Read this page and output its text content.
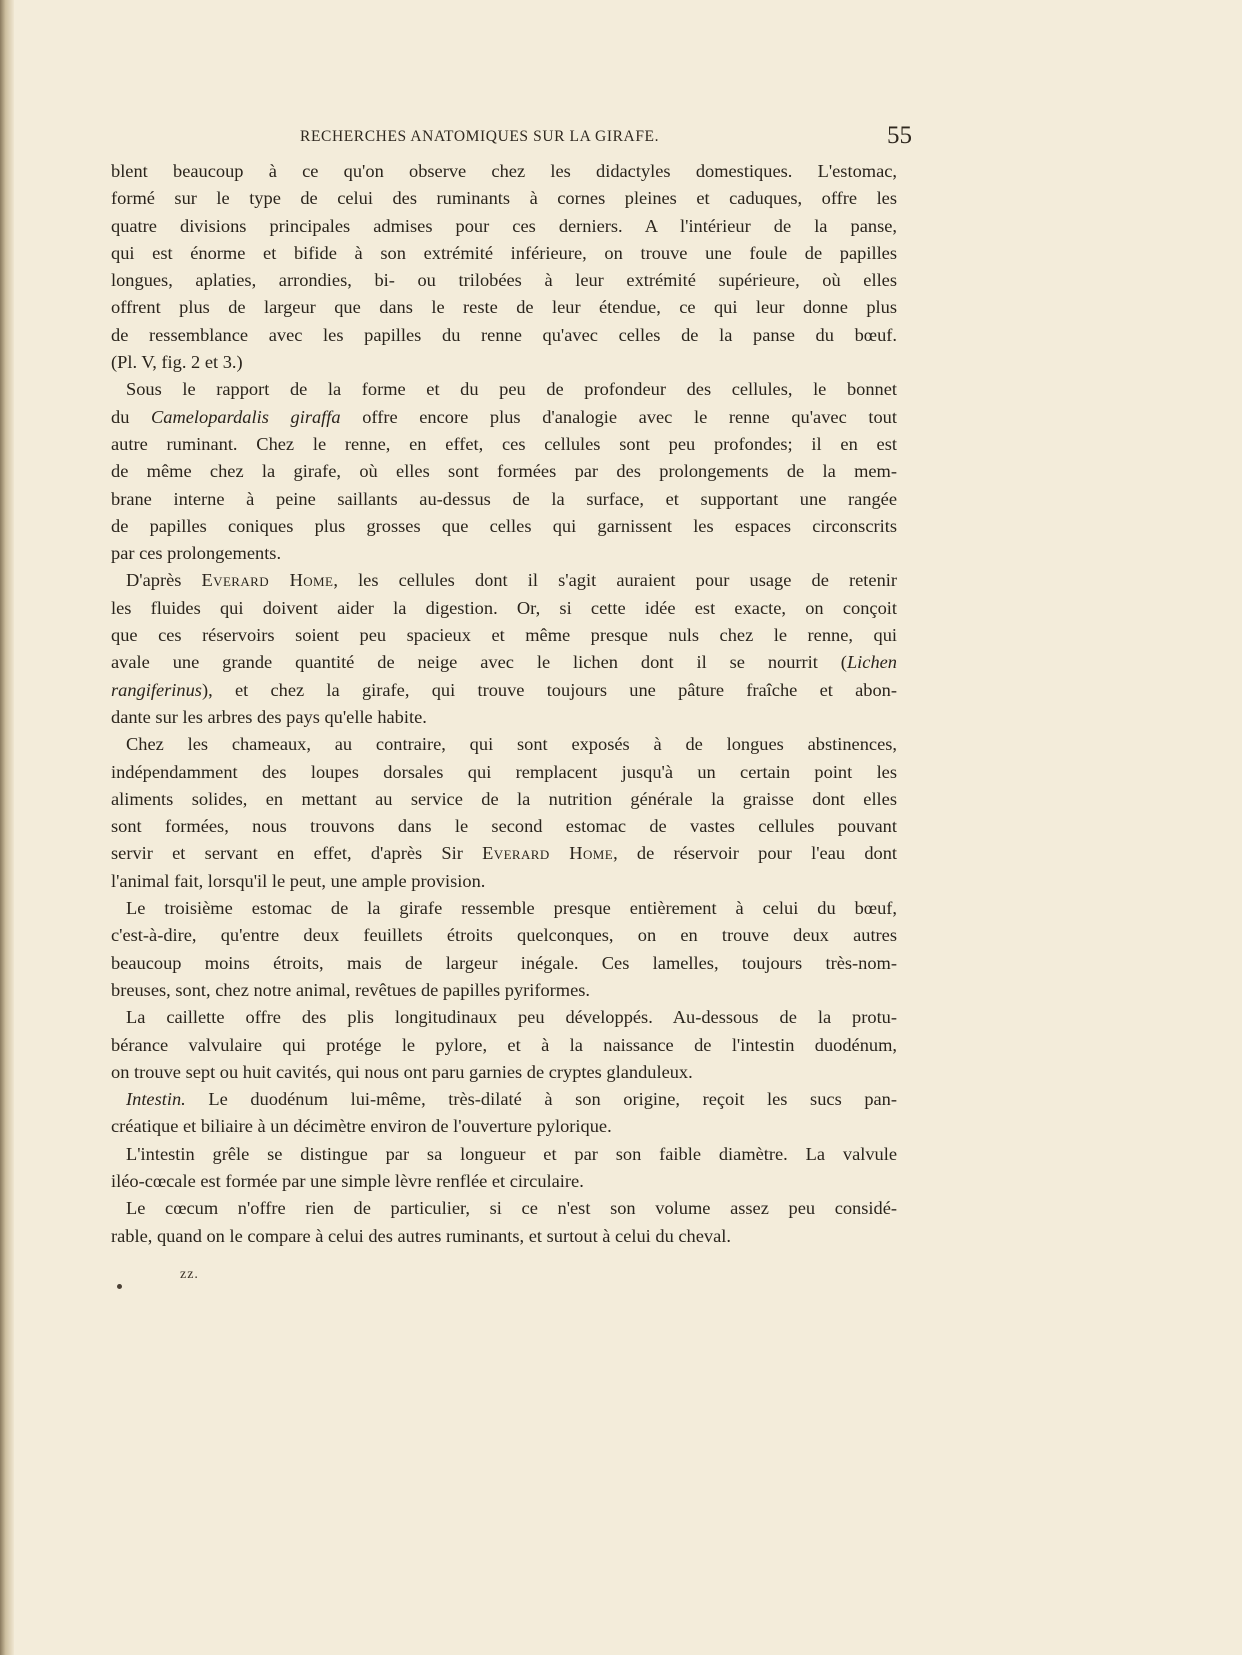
RECHERCHES ANATOMIQUES SUR LA GIRAFE.	55
blent beaucoup à ce qu'on observe chez les didactyles domestiques. L'estomac,
formé sur le type de celui des ruminants à cornes pleines et caduques, offre les
quatre divisions principales admises pour ces derniers. A l'intérieur de la panse,
qui est énorme et bifide à son extrémité inférieure, on trouve une foule de papilles
longues, aplaties, arrondies, bi- ou trilobées à leur extrémité supérieure, où elles
offrent plus de largeur que dans le reste de leur étendue, ce qui leur donne plus
de ressemblance avec les papilles du renne qu'avec celles de la panse du bœuf.
(Pl. V, fig. 2 et 3.)
Sous le rapport de la forme et du peu de profondeur des cellules, le bonnet
du Camelopardalis giraffa offre encore plus d'analogie avec le renne qu'avec tout
autre ruminant. Chez le renne, en effet, ces cellules sont peu profondes; il en est
de même chez la girafe, où elles sont formées par des prolongements de la mem-
brane interne à peine saillants au-dessus de la surface, et supportant une rangée
de papilles coniques plus grosses que celles qui garnissent les espaces circonscrits
par ces prolongements.
D'après Everard Home, les cellules dont il s'agit auraient pour usage de retenir
les fluides qui doivent aider la digestion. Or, si cette idée est exacte, on conçoit
que ces réservoirs soient peu spacieux et même presque nuls chez le renne, qui
avale une grande quantité de neige avec le lichen dont il se nourrit (Lichen
rangiferinus), et chez la girafe, qui trouve toujours une pâture fraîche et abon-
dante sur les arbres des pays qu'elle habite.
Chez les chameaux, au contraire, qui sont exposés à de longues abstinences,
indépendamment des loupes dorsales qui remplacent jusqu'à un certain point les
aliments solides, en mettant au service de la nutrition générale la graisse dont elles
sont formées, nous trouvons dans le second estomac de vastes cellules pouvant
servir et servant en effet, d'après Sir Everard Home, de réservoir pour l'eau dont
l'animal fait, lorsqu'il le peut, une ample provision.
Le troisième estomac de la girafe ressemble presque entièrement à celui du bœuf,
c'est-à-dire, qu'entre deux feuillets étroits quelconques, on en trouve deux autres
beaucoup moins étroits, mais de largeur inégale. Ces lamelles, toujours très-nom-
breuses, sont, chez notre animal, revêtues de papilles pyriformes.
La caillette offre des plis longitudinaux peu développés. Au-dessous de la protu-
bérance valvulaire qui protége le pylore, et à la naissance de l'intestin duodénum,
on trouve sept ou huit cavités, qui nous ont paru garnies de cryptes glanduleux.
Intestin. Le duodénum lui-même, très-dilaté à son origine, reçoit les sucs pan-
créatique et biliaire à un décimètre environ de l'ouverture pylorique.
L'intestin grêle se distingue par sa longueur et par son faible diamètre. La valvule
iléo-cœcale est formée par une simple lèvre renflée et circulaire.
Le cœcum n'offre rien de particulier, si ce n'est son volume assez peu considé-
rable, quand on le compare à celui des autres ruminants, et surtout à celui du cheval.
zz.
